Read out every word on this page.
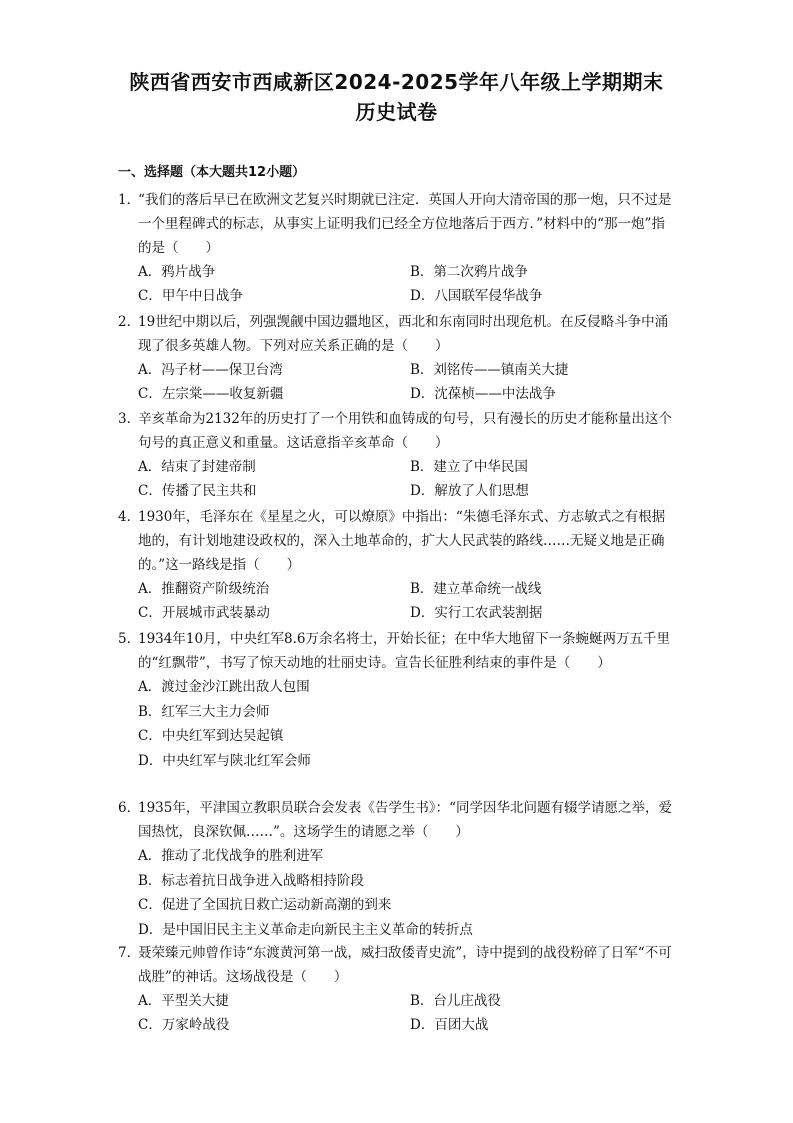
陕西省西安市西咸新区2024-2025学年八年级上学期期末
历史试卷
一、选择题（本大题共12小题）
1．
“我们的落后早已在欧洲文艺复兴时期就已注定．英国人开向大清帝国的那一炮，只不过是一个里程碑式的标志，从事实上证明我们已经全方位地落后于西方．”材料中的“那一炮”指的是（　　）
A．鸦片战争	B．第二次鸦片战争
C．甲午中日战争	D．八国联军侵华战争
2．
19世纪中期以后，列强觊觎中国边疆地区，西北和东南同时出现危机。在反侵略斗争中涌现了很多英雄人物。下列对应关系正确的是（　　）
A．冯子材——保卫台湾	B．刘铭传——镇南关大捷
C．左宗棠——收复新疆	D．沈葆桢——中法战争
3．
辛亥革命为2132年的历史打了一个用铁和血铸成的句号，只有漫长的历史才能称量出这个句号的真正意义和重量。这话意指辛亥革命（　　）
A．结束了封建帝制	B．建立了中华民国
C．传播了民主共和	D．解放了人们思想
4．
1930年，毛泽东在《星星之火，可以燎原》中指出：“朱德毛泽东式、方志敏式之有根据地的，有计划地建设政权的，深入土地革命的，扩大人民武装的路线……无疑义地是正确的。”这一路线是指（　　）
A．推翻资产阶级统治	B．建立革命统一战线
C．开展城市武装暴动	D．实行工农武装割据
5．
1934年10月，中央红军8.6万余名将士，开始长征；在中华大地留下一条蜿蜒两万五千里的“红飘带”，书写了惊天动地的壮丽史诗。宣告长征胜利结束的事件是（　　）
A．渡过金沙江跳出敌人包围
B．红军三大主力会师
C．中央红军到达吴起镇
D．中央红军与陕北红军会师
6．
1935年，平津国立教职员联合会发表《告学生书》：“同学因华北问题有辍学请愿之举，爱国热忱，良深钦佩……”。这场学生的请愿之举（　　）
A．推动了北伐战争的胜利进军
B．标志着抗日战争进入战略相持阶段
C．促进了全国抗日救亡运动新高潮的到来
D．是中国旧民主主义革命走向新民主主义革命的转折点
7．
聂荣臻元帅曾作诗“东渡黄河第一战，威扫敌倭青史流”，诗中提到的战役粉碎了日军“不可战胜”的神话。这场战役是（　　）
A．平型关大捷	B．台儿庄战役
C．万家岭战役	D．百团大战
